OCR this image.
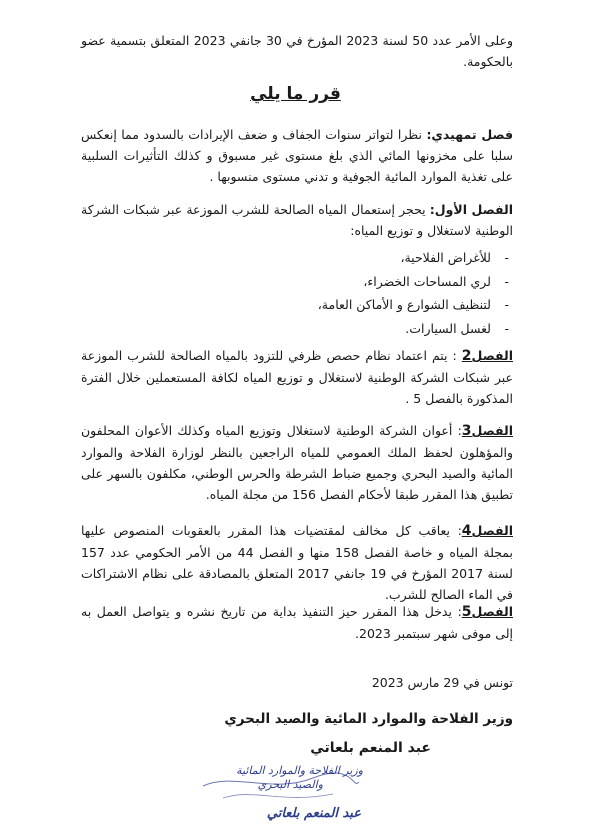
وعلى الأمر عدد 50 لسنة 2023 المؤرخ في 30 جانفي 2023 المتعلق بتسمية عضو بالحكومة.
قرر ما يلي
فصل تمهيدي: نظرا لتواتر سنوات الجفاف و ضعف الإيرادات بالسدود مما إنعكس سلبا على مخزونها المائي الذي بلغ مستوى غير مسبوق و كذلك التأثيرات السلبية على تغذية الموارد المائية الجوفية و تدني مستوى منسوبها .
الفصل الأول: يحجر إستعمال المياه الصالحة للشرب الموزعة عبر شبكات الشركة الوطنية لاستغلال و توزيع المياه:
- للأغراض الفلاحية،
- لري المساحات الخضراء،
- لتنظيف الشوارع و الأماكن العامة،
- لغسل السيارات.
الفصل2 : يتم اعتماد نظام حصص ظرفي للتزود بالمياه الصالحة للشرب الموزعة عبر شبكات الشركة الوطنية لاستغلال و توزيع المياه لكافة المستعملين خلال الفترة المذكورة بالفصل 5 .
الفصل3: أعوان الشركة الوطنية لاستغلال وتوزيع المياه وكذلك الأعوان المحلفون والمؤهلون لحفظ الملك العمومي للمياه الراجعين بالنظر لوزارة الفلاحة والموارد المائية والصيد البحري وجميع ضباط الشرطة والحرس الوطني، مكلفون بالسهر على تطبيق هذا المقرر طبقا لأحكام الفصل 156 من مجلة المياه.
الفصل4: يعاقب كل مخالف لمقتضيات هذا المقرر بالعقوبات المنصوص عليها بمجلة المياه و خاصة الفصل 158 منها و الفصل 44 من الأمر الحكومي عدد 157 لسنة 2017 المؤرخ في 19 جانفي 2017 المتعلق بالمصادقة على نظام الاشتراكات في الماء الصالح للشرب.
الفصل5: يدخل هذا المقرر حيز التنفيذ بداية من تاريخ نشره و يتواصل العمل به إلى موفى شهر سبتمبر 2023.
تونس في 29 مارس 2023
وزير الفلاحة والموارد المائية والصيد البحري
عبد المنعم بلعاتي
وزير الفلاحة والموارد المائية
والصيد البحري
عبد المنعم بلعاتي
